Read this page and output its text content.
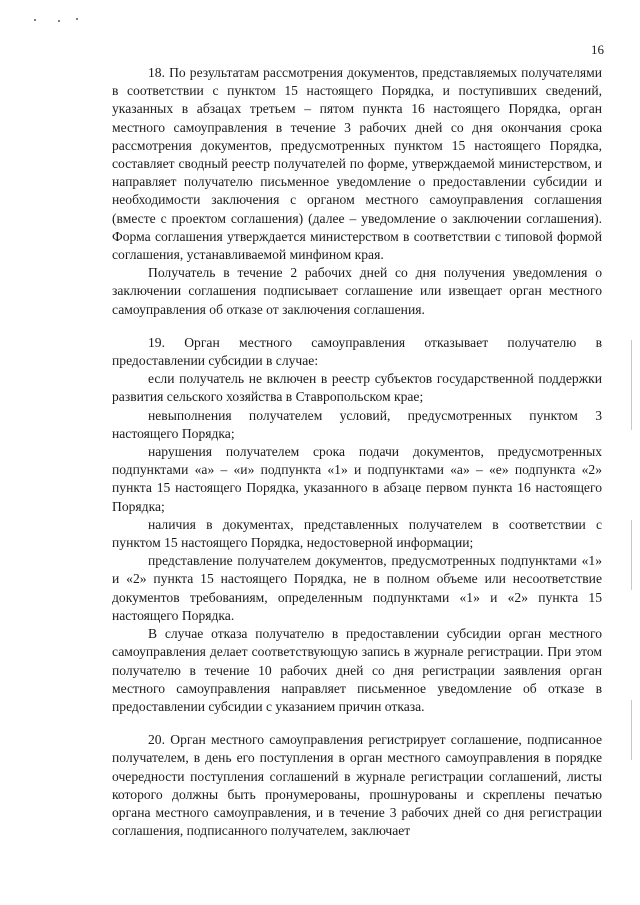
16

18. По результатам рассмотрения документов, представляемых получателями в соответствии с пунктом 15 настоящего Порядка, и поступивших сведений, указанных в абзацах третьем – пятом пункта 16 настоящего Порядка, орган местного самоуправления в течение 3 рабочих дней со дня окончания срока рассмотрения документов, предусмотренных пунктом 15 настоящего Порядка, составляет сводный реестр получателей по форме, утверждаемой министерством, и направляет получателю письменное уведомление о предоставлении субсидии и необходимости заключения с органом местного самоуправления соглашения (вместе с проектом соглашения) (далее – уведомление о заключении соглашения). Форма соглашения утверждается министерством в соответствии с типовой формой соглашения, устанавливаемой минфином края.

Получатель в течение 2 рабочих дней со дня получения уведомления о заключении соглашения подписывает соглашение или извещает орган местного самоуправления об отказе от заключения соглашения.

19. Орган местного самоуправления отказывает получателю в предоставлении субсидии в случае:

если получатель не включен в реестр субъектов государственной поддержки развития сельского хозяйства в Ставропольском крае;

невыполнения получателем условий, предусмотренных пунктом 3 настоящего Порядка;

нарушения получателем срока подачи документов, предусмотренных подпунктами «а» – «и» подпункта «1» и подпунктами «а» – «е» подпункта «2» пункта 15 настоящего Порядка, указанного в абзаце первом пункта 16 настоящего Порядка;

наличия в документах, представленных получателем в соответствии с пунктом 15 настоящего Порядка, недостоверной информации;

представление получателем документов, предусмотренных подпунктами «1» и «2» пункта 15 настоящего Порядка, не в полном объеме или несоответствие документов требованиям, определенным подпунктами «1» и «2» пункта 15 настоящего Порядка.

В случае отказа получателю в предоставлении субсидии орган местного самоуправления делает соответствующую запись в журнале регистрации. При этом получателю в течение 10 рабочих дней со дня регистрации заявления орган местного самоуправления направляет письменное уведомление об отказе в предоставлении субсидии с указанием причин отказа.

20. Орган местного самоуправления регистрирует соглашение, подписанное получателем, в день его поступления в орган местного самоуправления в порядке очередности поступления соглашений в журнале регистрации соглашений, листы которого должны быть пронумерованы, прошнурованы и скреплены печатью органа местного самоуправления, и в течение 3 рабочих дней со дня регистрации соглашения, подписанного получателем, заключает
